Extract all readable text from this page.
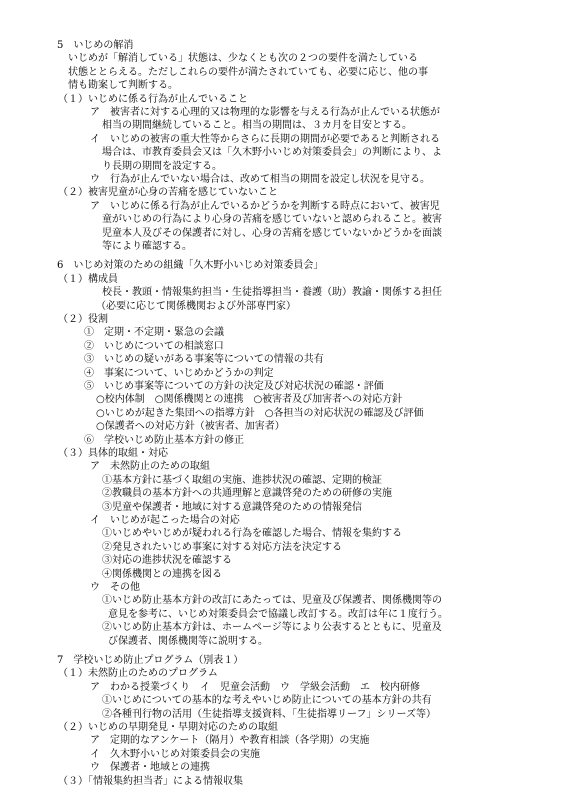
5　いじめの解消
いじめが「解消している」状態は、少なくとも次の２つの要件を満たしている
状態ととらえる。ただしこれらの要件が満たされていても、必要に応じ、他の事
情も勘案して判断する。
（１）いじめに係る行為が止んでいること
ア　被害者に対する心理的又は物理的な影響を与える行為が止んでいる状態が
相当の期間継続していること。相当の期間は、３カ月を目安とする。
イ　いじめの被害の重大性等からさらに長期の期間が必要であると判断される
場合は、市教育委員会又は「久木野小いじめ対策委員会」の判断により、よ
り長期の期間を設定する。
ウ　行為が止んでいない場合は、改めて相当の期間を設定し状況を見守る。
（２）被害児童が心身の苦痛を感じていないこと
ア　いじめに係る行為が止んでいるかどうかを判断する時点において、被害児
童がいじめの行為により心身の苦痛を感じていないと認められること。被害
児童本人及びその保護者に対し、心身の苦痛を感じていないかどうかを面談
等により確認する。
6　いじめ対策のための組織「久木野小いじめ対策委員会」
（１）構成員
校長・教頭・情報集約担当・生徒指導担当・養護（助）教諭・関係する担任
（必要に応じて関係機関および外部専門家）
（２）役割
①　定期・不定期・緊急の会議
②　いじめについての相談窓口
③　いじめの疑いがある事案等についての情報の共有
④　事案について、いじめかどうかの判定
⑤　いじめ事案等についての方針の決定及び対応状況の確認・評価
○校内体制　○関係機関との連携　○被害者及び加害者への対応方針
○いじめが起きた集団への指導方針　○各担当の対応状況の確認及び評価
○保護者への対応方針（被害者、加害者）
⑥　学校いじめ防止基本方針の修正
（３）具体的取組・対応
ア　未然防止のための取組
①基本方針に基づく取組の実施、進捗状況の確認、定期的検証
②教職員の基本方針への共通理解と意識啓発のための研修の実施
③児童や保護者・地域に対する意識啓発のための情報発信
イ　いじめが起こった場合の対応
①いじめやいじめが疑われる行為を確認した場合、情報を集約する
②発見されたいじめ事案に対する対応方法を決定する
③対応の進捗状況を確認する
④関係機関との連携を図る
ウ　その他
①いじめ防止基本方針の改訂にあたっては、児童及び保護者、関係機関等の
意見を参考に、いじめ対策委員会で協議し改訂する。改訂は年に１度行う。
②いじめ防止基本方針は、ホームページ等により公表するとともに、児童及
び保護者、関係機関等に説明する。
7　学校いじめ防止プログラム（別表１）
（１）未然防止のためのプログラム
ア　わかる授業づくり　イ　児童会活動　ウ　学級会活動　エ　校内研修
①いじめについての基本的な考えやいじめ防止についての基本方針の共有
②各種刊行物の活用（生徒指導支援資料、「生徒指導リーフ」シリーズ等）
（２）いじめの早期発見・早期対応のための取組
ア　定期的なアンケート（隔月）や教育相談（各学期）の実施
イ　久木野小いじめ対策委員会の実施
ウ　保護者・地域との連携
（３）「情報集約担当者」による情報収集
